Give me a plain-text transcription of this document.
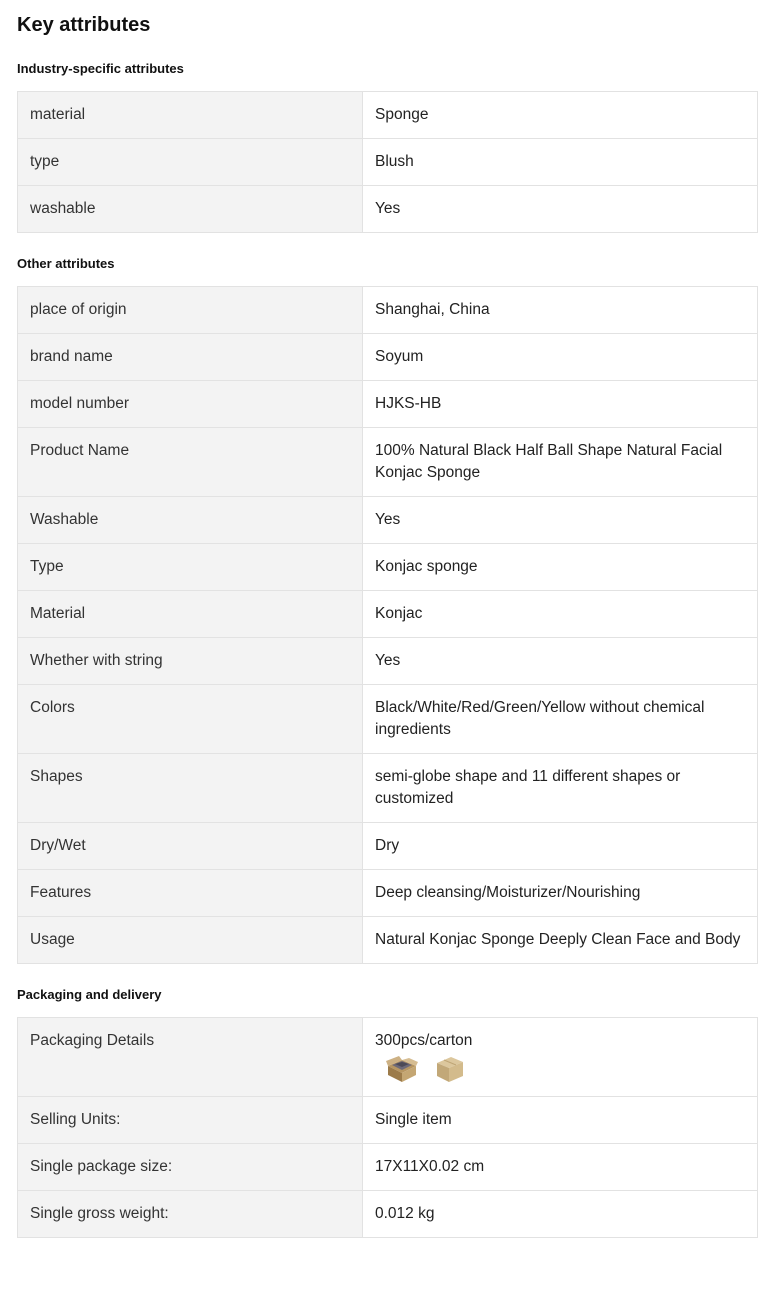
Key attributes
Industry-specific attributes
material	Sponge
type	Blush
washable	Yes
Other attributes
place of origin	Shanghai, China
brand name	Soyum
model number	HJKS-HB
Product Name	100% Natural Black Half Ball Shape Natural Facial Konjac Sponge
Washable	Yes
Type	Konjac sponge
Material	Konjac
Whether with string	Yes
Colors	Black/White/Red/Green/Yellow without chemical ingredients
Shapes	semi-globe shape and 11 different shapes or customized
Dry/Wet	Dry
Features	Deep cleansing/Moisturizer/Nourishing
Usage	Natural Konjac Sponge Deeply Clean Face and Body
Packaging and delivery
Packaging Details	300pcs/carton

Selling Units:	Single item
Single package size:	17X11X0.02 cm
Single gross weight:	0.012 kg
